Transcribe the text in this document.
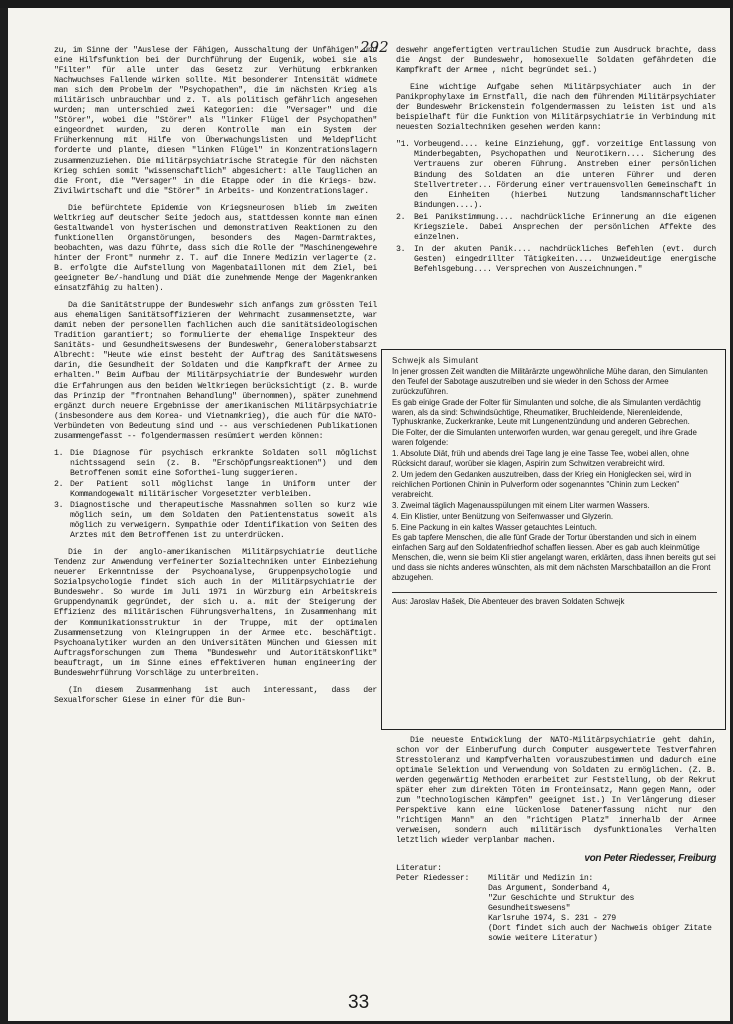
292

zu, im Sinne der "Auslese der Fähigen, Ausschaltung der Unfähigen" und eine Hilfsfunktion bei der Durchführung der Eugenik, wobei sie als "Filter" für alle unter das Gesetz zur Verhütung erbkranken Nachwuchses Fallende wirken sollte. Mit besonderer Intensität widmete man sich dem Probelm der "Psychopathen", die im nächsten Krieg als militärisch unbrauchbar und z. T. als politisch gefährlich angesehen wurden; man unterschied zwei Kategorien: die "Versager" und die "Störer", wobei die "Störer" als "linker Flügel der Psychopathen" eingeordnet wurden, zu deren Kontrolle man ein System der Früherkennung mit Hilfe von Überwachungslisten und Meldepflicht forderte und plante, diesen "linken Flügel" in Konzentrationslagern zusammenzuziehen. Die militärpsychiatrische Strategie für den nächsten Krieg schien somit "wissenschaftlich" abgesichert: alle Tauglichen an die Front, die "Versager" in die Etappe oder in die Kriegs- bzw. Zivilwirtschaft und die "Störer" in Arbeits- und Konzentrationslager.

Die befürchtete Epidemie von Kriegsneurosen blieb im zweiten Weltkrieg auf deutscher Seite jedoch aus, stattdessen konnte man einen Gestaltwandel von hysterischen und demonstrativen Reaktionen zu den funktionellen Organstörungen, besonders des Magen-Darmtraktes, beobachten, was dazu führte, dass sich die Rolle der "Maschinengewehre hinter der Front" nunmehr z. T. auf die Innere Medizin verlagerte (z. B. erfolgte die Aufstellung von Magenbataillonen mit dem Ziel, bei geeigneter Be/-handlung und Diät die zunehmende Menge der Magenkranken einsatzfähig zu halten).

Da die Sanitätstruppe der Bundeswehr sich anfangs zum grössten Teil aus ehemaligen Sanitätsoffizieren der Wehrmacht zusammensetzte, war damit neben der personellen fachlichen auch die sanitätsideologischen Tradition garantiert; so formulierte der ehemalige Inspekteur des Sanitäts- und Gesundheitswesens der Bundeswehr, Generaloberstabsarzt Albrecht: "Heute wie einst besteht der Auftrag des Sanitätswesens darin, die Gesundheit der Soldaten und die Kampfkraft der Armee zu erhalten." Beim Aufbau der Militärpsychiatrie der Bundeswehr wurden die Erfahrungen aus den beiden Weltkriegen berücksichtigt (z. B. wurde das Prinzip der "frontnahen Behandlung" übernommen), später zunehmend ergänzt durch neuere Ergebnisse der amerikanischen Militärpsychiatrie (insbesondere aus dem Korea- und Vietnamkrieg), die auch für die NATO-Verbündeten von Bedeutung sind und -- aus verschiedenen Publikationen zusammengefasst -- folgendermassen resümiert werden können:

1. Die Diagnose für psychisch erkrankte Soldaten soll möglichst nichtssagend sein (z. B. "Erschöpfungsreaktionen") und dem Betroffenen somit eine Soforthei-lung suggerieren.
2. Der Patient soll möglichst lange in Uniform unter der Kommandogewalt militärischer Vorgesetzter verbleiben.
3. Diagnostische und therapeutische Massnahmen sollen so kurz wie möglich sein, um dem Soldaten den Patientenstatus soweit als möglich zu verweigern. Sympathie oder Identifikation von Seiten des Arztes mit dem Betroffenen ist zu unterdrücken.

Die in der anglo-amerikanischen Militärpsychiatrie deutliche Tendenz zur Anwendung verfeinerter Sozialtechniken unter Einbeziehung neuerer Erkenntnisse der Psychoanalyse, Gruppenpsychologie und Sozialpsychologie findet sich auch in der Militärpsychiatrie der Bundeswehr. So wurde im Juli 1971 in Würzburg ein Arbeitskreis Gruppendynamik gegründet, der sich u. a. mit der Steigerung der Effizienz des militärischen Führungsverhaltens, in Zusammenhang mit der Kommunikationsstruktur in der Truppe, mit der optimalen Zusammensetzung von Kleingruppen in der Armee etc. beschäftigt. Psychoanalytiker wurden an den Universitäten München und Giessen mit Auftragsforschungen zum Thema "Bundeswehr und Autoritätskonflikt" beauftragt, um im Sinne eines effektiveren human engineering der Bundeswehrführung Vorschläge zu unterbreiten.

(In diesem Zusammenhang ist auch interessant, dass der Sexualforscher Giese in einer für die Bun-

deswehr angefertigten vertraulichen Studie zum Ausdruck brachte, dass die Angst der Bundeswehr, homosexuelle Soldaten gefährdeten die Kampfkraft der Armee , nicht begründet sei.)

Eine wichtige Aufgabe sehen Militärpsychiater auch in der Panikprophylaxe im Ernstfall, die nach dem führenden Militärpsychiater der Bundeswehr Brickenstein folgendermassen zu leisten ist und als beispielhaft für die Funktion von Militärpsychiatrie in Verbindung mit neuesten Sozialtechniken gesehen werden kann:

"1. Vorbeugend.... keine Einziehung, ggf. vorzeitige Entlassung von Minderbegabten, Psychopathen und Neurotikern.... Sicherung des Vertrauens zur oberen Führung. Anstreben einer persönlichen Bindung des Soldaten an die unteren Führer und deren Stellvertreter... Förderung einer vertrauensvollen Gemeinschaft in den Einheiten (hierbei Nutzung landsmannschaftlicher Bindungen....).
2.	Bei Panikstimmung.... nachdrückliche Erinnerung an die eigenen Kriegsziele. Dabei Ansprechen der persönlichen Affekte des einzelnen.
3.	In der akuten Panik.... nachdrückliches Befehlen (evt. durch Gesten) eingedrillter Tätigkeiten.... Unzweideutige energische Befehlsgebung.... Versprechen von Auszeichnungen."
Schwejk als Simulant
In jener grossen Zeit wandten die Militärärzte ungewöhnliche Mühe daran, den Simulanten den Teufel der Sabotage auszutreiben und sie wieder in den Schoss der Armee zurückzuführen.
Es gab einige Grade der Folter für Simulanten und solche, die als Simulanten verdächtig waren, als da sind: Schwindsüchtige, Rheumatiker, Bruchleidende, Nierenleidende, Typhuskranke, Zuckerkranke, Leute mit Lungenentzündung und anderen Gebrechen.
Die Folter, der die Simulanten unterworfen wurden, war genau geregelt, und ihre Grade waren folgende:
1. Absolute Diät, früh und abends drei Tage lang je eine Tasse Tee, wobei allen, ohne Rücksicht darauf, worüber sie klagen, Aspirin zum Schwitzen verabreicht wird.
2. Um jedem den Gedanken auszutreiben, dass der Krieg ein Honiglecken sei, wird in reichlichen Portionen Chinin in Pulverform oder sogenanntes "Chinin zum Lecken" verabreicht.
3. Zweimal täglich Magenausspülungen mit einem Liter warmen Wassers.
4. Ein Klistier, unter Benützung von Seifenwasser und Glyzerin.
5. Eine Packung in ein kaltes Wasser getauchtes Leintuch.
Es gab tapfere Menschen, die alle fünf Grade der Tortur überstanden und sich in einem einfachen Sarg auf den Soldatenfriedhof schaffen liessen. Aber es gab auch kleinmütige Menschen, die, wenn sie beim Kli stier angelangt waren, erklärten, dass ihnen bereits gut sei und dass sie nichts anderes wünschten, als mit dem nächsten Marschbataillon an die Front abzugehen.
Aus: Jaroslav Hašek, Die Abenteuer des braven Soldaten Schwejk

Die neueste Entwicklung der NATO-Militärpsychiatrie geht dahin, schon vor der Einberufung durch Computer ausgewertete Testverfahren Stresstoleranz und Kampfverhalten vorauszubestimmen und dadurch eine optimale Selektion und Verwendung von Soldaten zu ermöglichen. (Z. B. werden gegenwärtig Methoden erarbeitet zur Feststellung, ob der Rekrut später eher zum direkten Töten im Fronteinsatz, Mann gegen Mann, oder zum "technologischen Kämpfen" geeignet ist.) In Verlängerung dieser Perspektive kann eine lückenlose Datenerfassung nicht nur den "richtigen Mann" an den "richtigen Platz" innerhalb der Armee verweisen, sondern auch militärisch dysfunktionales Verhalten letztlich wieder verplanbar machen.

von Peter Riedesser, Freiburg
Literatur:
Peter Riedesser:	Militär und Medizin in:
Das Argument, Sonderband 4,
"Zur Geschichte und Struktur des Gesundheitswesens"
Karlsruhe 1974, S. 231 - 279
(Dort findet sich auch der Nachweis obiger Zitate sowie weitere Literatur)
33
